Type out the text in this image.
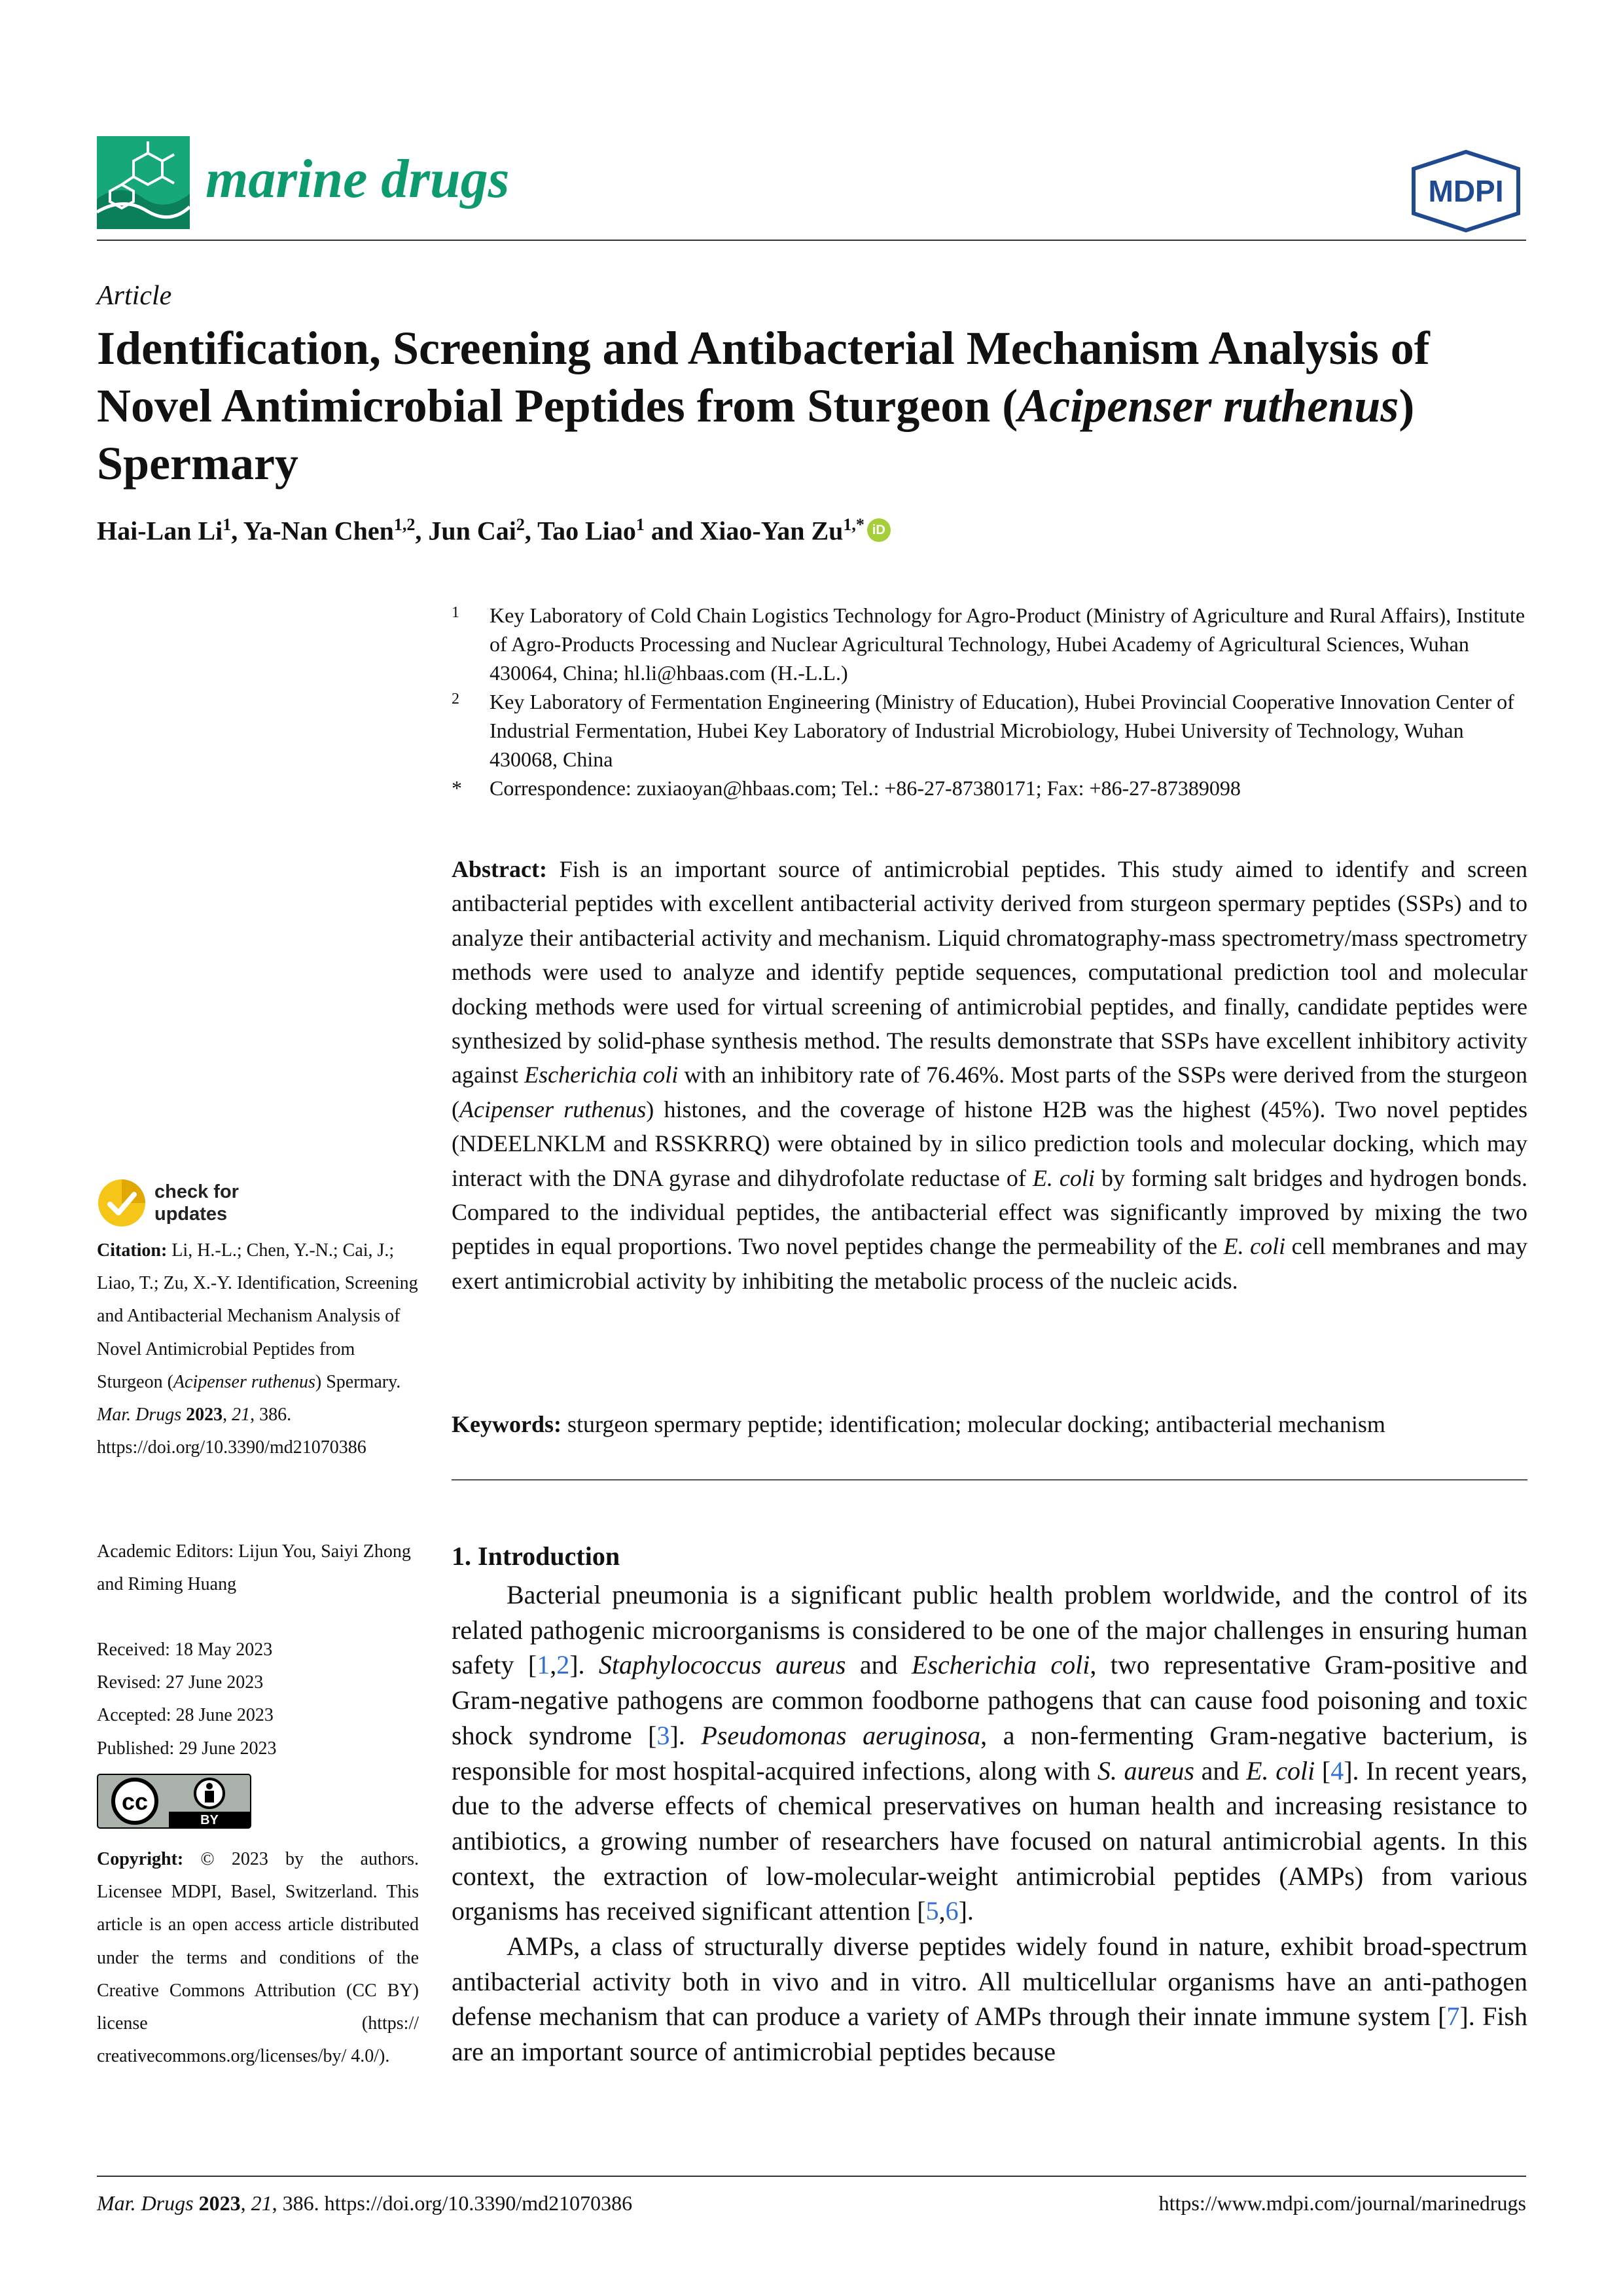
marine drugs	MDPI
Article
Identification, Screening and Antibacterial Mechanism Analysis of Novel Antimicrobial Peptides from Sturgeon (Acipenser ruthenus) Spermary
Hai-Lan Li$^1$, Ya-Nan Chen$^{1,2}$, Jun Cai$^2$, Tao Liao$^1$ and Xiao-Yan $Zu^{1,*}$ iD
1 Key Laboratory of Cold Chain Logistics Technology for Agro-Product (Ministry of Agriculture and Rural Affairs), Institute of Agro-Products Processing and Nuclear Agricultural Technology, Hubei Academy of Agricultural Sciences, Wuhan 430064, China; hl.li@hbaas.com (H.-L.L.)
2 Key Laboratory of Fermentation Engineering (Ministry of Education), Hubei Provincial Cooperative Innovation Center of Industrial Fermentation, Hubei Key Laboratory of Industrial Microbiology, Hubei University of Technology, Wuhan 430068, China
* Correspondence: zuxiaoyan@hbaas.com; Tel.: +86-27-87380171; Fax: +86-27-87389098

Abstract: Fish is an important source of antimicrobial peptides. This study aimed to identify and screen antibacterial peptides with excellent antibacterial activity derived from sturgeon spermary peptides (SSPs) and to analyze their antibacterial activity and mechanism. Liquid chromatography-mass spectrometry/mass spectrometry methods were used to analyze and identify peptide sequences, computational prediction tool and molecular docking methods were used for virtual screening of antimicrobial peptides, and finally, candidate peptides were synthesized by solid-phase synthesis method. The results demonstrate that SSPs have excellent inhibitory activity against Escherichia coli with an inhibitory rate of 76.46%. Most parts of the SSPs were derived from the sturgeon (Acipenser ruthenus) histones, and the coverage of histone H2B was the highest (45%). Two novel peptides (NDEELNKLM and RSSKRRQ) were obtained by in silico prediction tools and molecular docking, which may interact with the DNA gyrase and dihydrofolate reductase of E. coli by forming salt bridges and hydrogen bonds. Compared to the individual peptides, the antibacterial effect was significantly improved by mixing the two peptides in equal proportions. Two novel peptides change the permeability of the E. coli cell membranes and may exert antimicrobial activity by inhibiting the metabolic process of the nucleic acids.

Keywords: sturgeon spermary peptide; identification; molecular docking; antibacterial mechanism
1. Introduction

Bacterial pneumonia is a significant public health problem worldwide, and the control of its related pathogenic microorganisms is considered to be one of the major challenges in ensuring human safety [1,2]. Staphylococcus aureus and Escherichia coli, two representative Gram-positive and Gram-negative pathogens are common foodborne pathogens that can cause food poisoning and toxic shock syndrome [3]. Pseudomonas aeruginosa, a non-fermenting Gram-negative bacterium, is responsible for most hospital-acquired infections, along with S. aureus and E. coli [4]. In recent years, due to the adverse effects of chemical preservatives on human health and increasing resistance to antibiotics, a growing number of researchers have focused on natural antimicrobial agents. In this context, the extraction of low-molecular-weight antimicrobial peptides (AMPs) from various organisms has received significant attention [5,6].

AMPs, a class of structurally diverse peptides widely found in nature, exhibit broad-spectrum antibacterial activity both in vivo and in vitro. All multicellular organisms have an anti-pathogen defense mechanism that can produce a variety of AMPs through their innate immune system [7]. Fish are an important source of antimicrobial peptides because

check for
updates
Citation: Li, H.-L.; Chen, Y.-N.; Cai, J.; Liao, T.; Zu, X.-Y. Identification, Screening and Antibacterial Mechanism Analysis of Novel Antimicrobial Peptides from Sturgeon (Acipenser ruthenus) Spermary. Mar. Drugs 2023, 21, 386. https://doi.org/10.3390/md21070386
Academic Editors: Lijun You, Saiyi Zhong and Riming Huang
Received: 18 May 2023
Revised: 27 June 2023
Accepted: 28 June 2023
Published: 29 June 2023
cc
BY
Copyright: © 2023 by the authors. Licensee MDPI, Basel, Switzerland. This article is an open access article distributed under the terms and conditions of the Creative Commons Attribution (CC BY) license (https:// creativecommons.org/licenses/by/ 4.0/).
Mar. Drugs 2023, 21, 386. https://doi.org/10.3390/md21070386	https://www.mdpi.com/journal/marinedrugs
